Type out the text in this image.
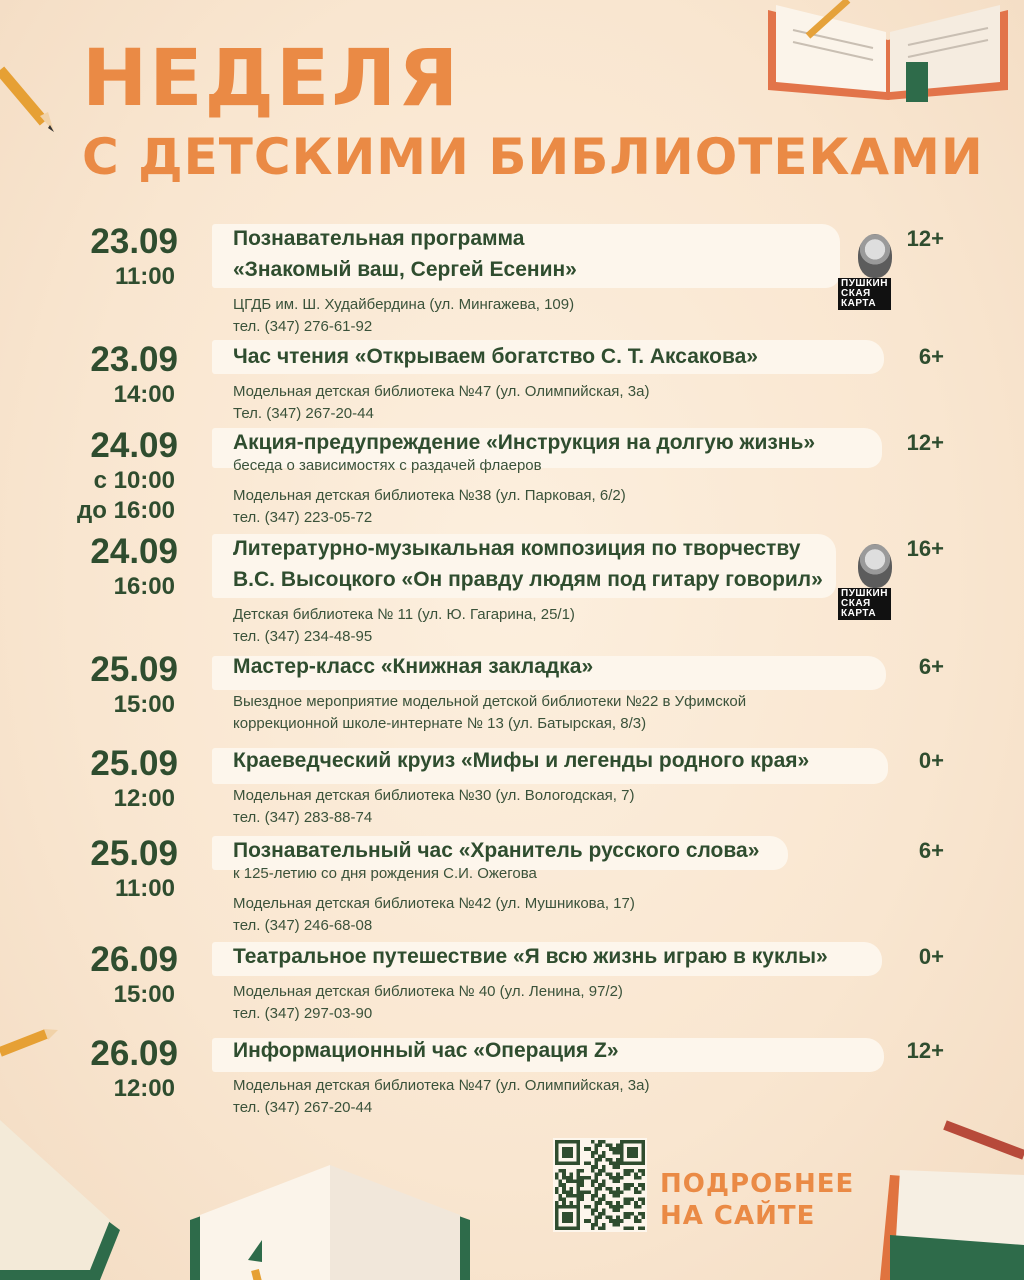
НЕДЕЛЯ
С ДЕТСКИМИ БИБЛИОТЕКАМИ
23.09
11:00
Познавательная программа
«Знакомый ваш, Сергей Есенин»
ЦГДБ им. Ш. Худайбердина (ул. Мингажева, 109)
тел. (347) 276-61-92
12+
ПУШКИН
СКАЯ
КАРТА
23.09
14:00
Час чтения «Открываем богатство С. Т. Аксакова»
Модельная детская библиотека №47 (ул. Олимпийская, 3а)
Тел. (347) 267-20-44
6+
24.09
с 10:00
до 16:00
Акция-предупреждение «Инструкция на долгую жизнь»
беседа о зависимостях с раздачей флаеров
Модельная детская библиотека №38 (ул. Парковая, 6/2)
тел. (347) 223-05-72
12+
24.09
16:00
Литературно-музыкальная композиция по творчеству
В.С. Высоцкого «Он правду людям под гитару говорил»
Детская библиотека № 11 (ул. Ю. Гагарина, 25/1)
тел. (347) 234-48-95
16+
ПУШКИН
СКАЯ
КАРТА
25.09
15:00
Мастер-класс «Книжная закладка»
Выездное мероприятие модельной детской библиотеки №22 в Уфимской
коррекционной школе-интернате № 13 (ул. Батырская, 8/3)
6+
25.09
12:00
Краеведческий круиз «Мифы и легенды родного края»
Модельная детская библиотека №30 (ул. Вологодская, 7)
тел. (347) 283-88-74
0+
25.09
11:00
Познавательный час «Хранитель русского слова»
к 125-летию со дня рождения С.И. Ожегова
Модельная детская библиотека №42 (ул. Мушникова, 17)
тел. (347) 246-68-08
6+
26.09
15:00
Театральное путешествие «Я всю жизнь играю в куклы»
Модельная детская библиотека № 40 (ул. Ленина, 97/2)
тел. (347) 297-03-90
0+
26.09
12:00
Информационный час «Операция Z»
Модельная детская библиотека №47 (ул. Олимпийская, 3а)
тел. (347) 267-20-44
12+
ПОДРОБНЕЕ
НА САЙТЕ
